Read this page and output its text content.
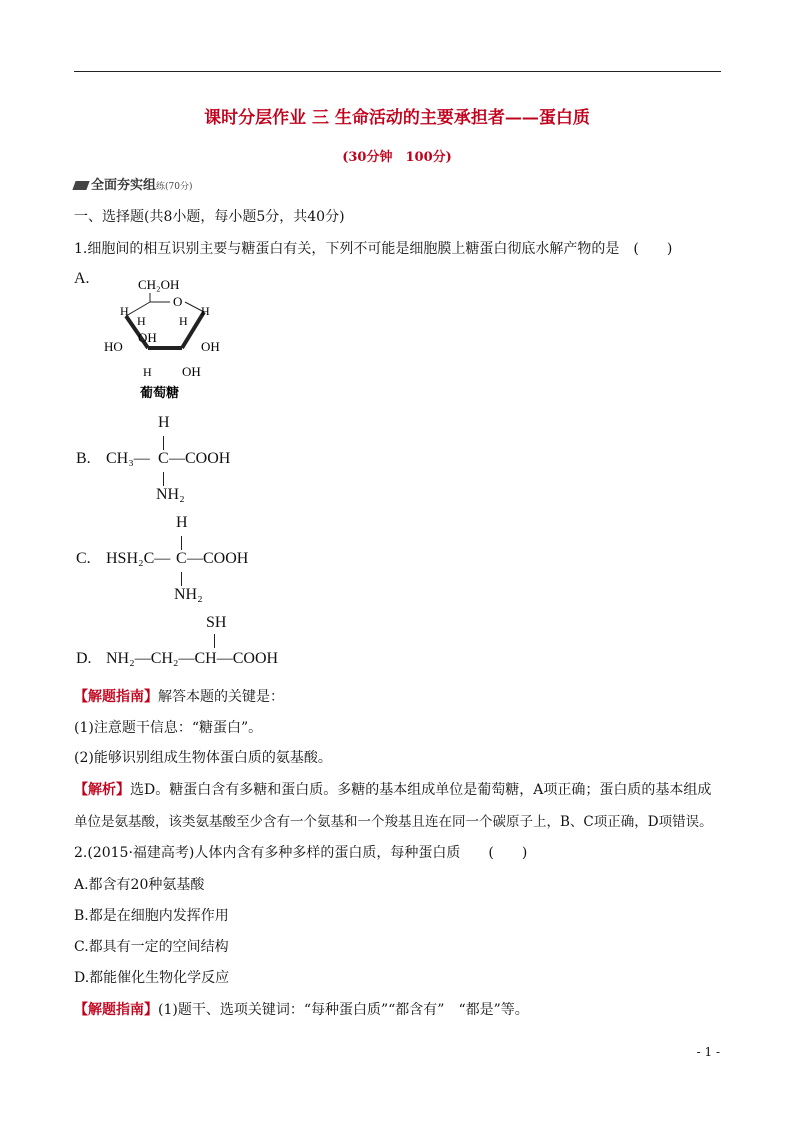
课时分层作业 三 生命活动的主要承担者——蛋白质
(30分钟　100分)
全面夯实组练(70分)
一、选择题(共8小题，每小题5分，共40分)
1.细胞间的相互识别主要与糖蛋白有关，下列不可能是细胞膜上糖蛋白彻底水解产物的是　(　　)
A.	CH₂OH
O
H
H	H
H
HO
OH
OH
OH
H
葡萄糖
H
B. CH₃— C —COOH
NH₂
H
C. HSH₂C— C —COOH
NH₂
SH
D. NH₂—CH₂—CH—COOH
【解题指南】解答本题的关键是：
(1)注意题干信息：“糖蛋白”。
(2)能够识别组成生物体蛋白质的氨基酸。
【解析】选D。糖蛋白含有多糖和蛋白质。多糖的基本组成单位是葡萄糖，A项正确；蛋白质的基本组成
单位是氨基酸，该类氨基酸至少含有一个氨基和一个羧基且连在同一个碳原子上，B、C项正确，D项错误。
2.(2015·福建高考)人体内含有多种多样的蛋白质，每种蛋白质　　(　　)
A.都含有20种氨基酸
B.都是在细胞内发挥作用
C.都具有一定的空间结构
D.都能催化生物化学反应
【解题指南】(1)题干、选项关键词：“每种蛋白质”“都含有”　“都是”等。
- 1 -
